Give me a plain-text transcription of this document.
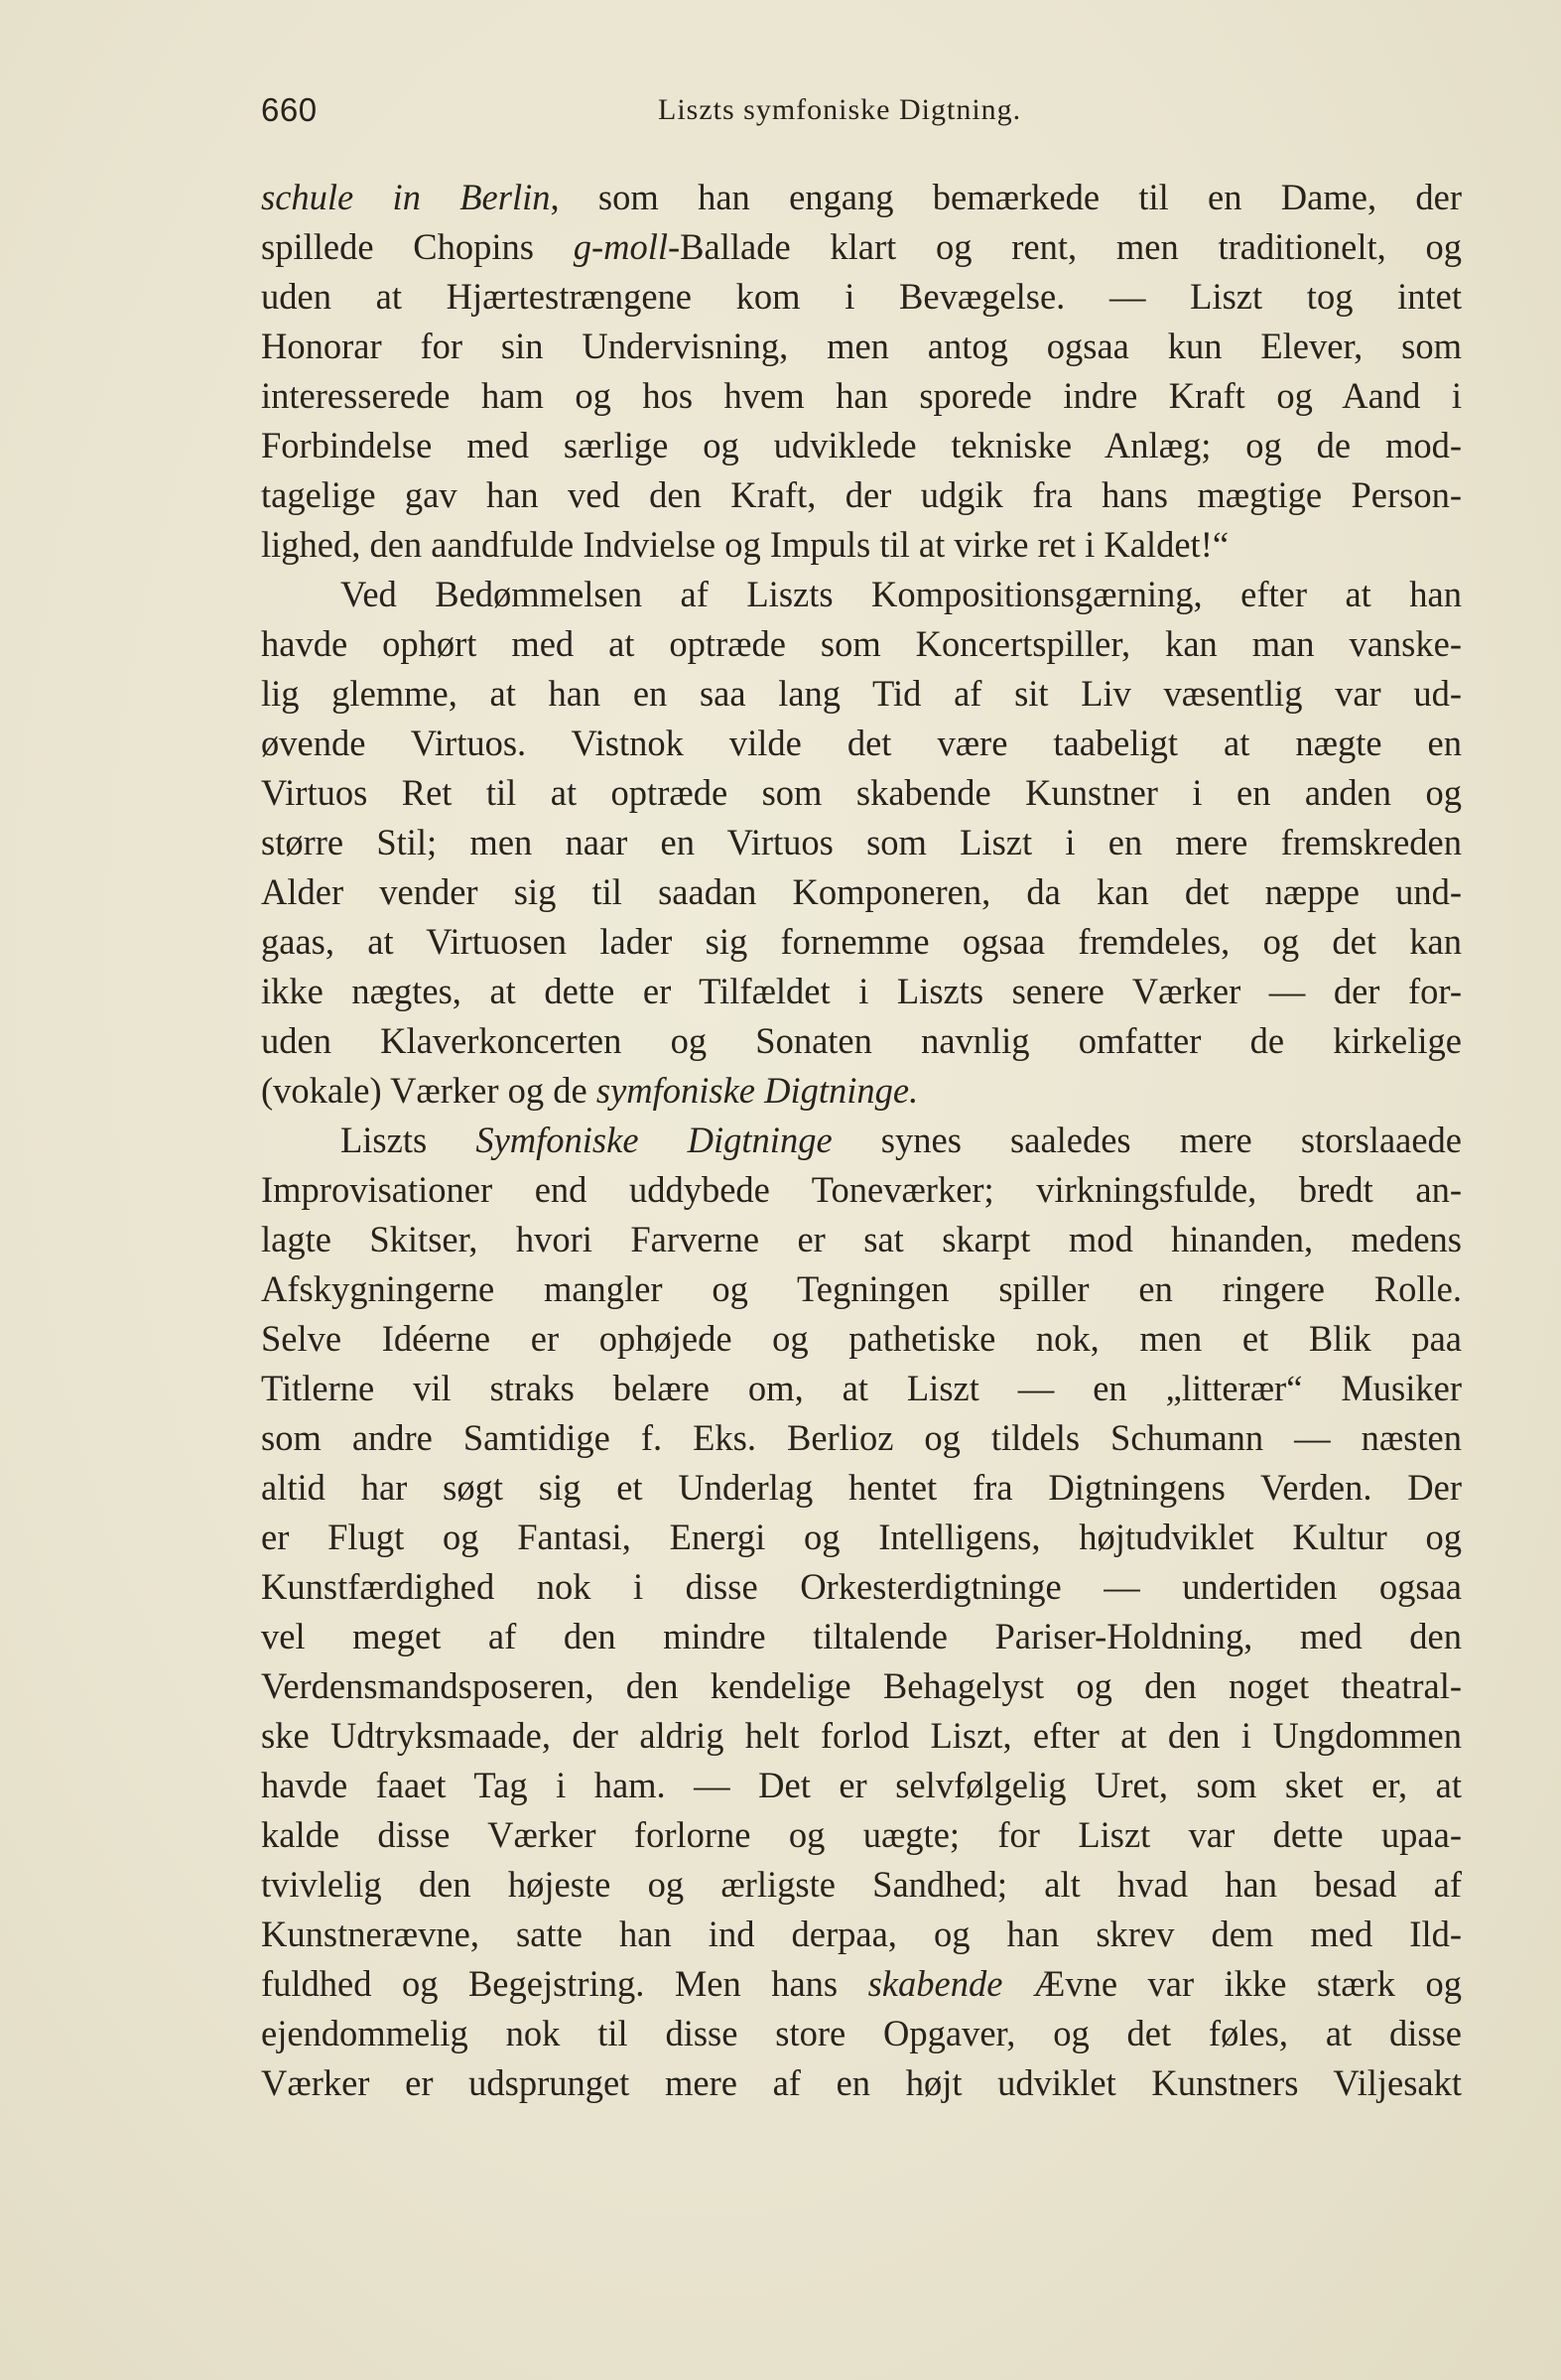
660	Liszts symfoniske Digtning.
schule in Berlin, som han engang bemærkede til en Dame, der
spillede Chopins g-moll-Ballade klart og rent, men traditionelt, og
uden at Hjærtestrængene kom i Bevægelse. — Liszt tog intet
Honorar for sin Undervisning, men antog ogsaa kun Elever, som
interesserede ham og hos hvem han sporede indre Kraft og Aand i
Forbindelse med særlige og udviklede tekniske Anlæg; og de mod-
tagelige gav han ved den Kraft, der udgik fra hans mægtige Person-
lighed, den aandfulde Indvielse og Impuls til at virke ret i Kaldet!“
Ved Bedømmelsen af Liszts Kompositionsgærning, efter at han
havde ophørt med at optræde som Koncertspiller, kan man vanske-
lig glemme, at han en saa lang Tid af sit Liv væsentlig var ud-
øvende Virtuos. Vistnok vilde det være taabeligt at nægte en
Virtuos Ret til at optræde som skabende Kunstner i en anden og
større Stil; men naar en Virtuos som Liszt i en mere fremskreden
Alder vender sig til saadan Komponeren, da kan det næppe und-
gaas, at Virtuosen lader sig fornemme ogsaa fremdeles, og det kan
ikke nægtes, at dette er Tilfældet i Liszts senere Værker — der for-
uden Klaverkoncerten og Sonaten navnlig omfatter de kirkelige
(vokale) Værker og de symfoniske Digtninge.
Liszts Symfoniske Digtninge synes saaledes mere storslaaede
Improvisationer end uddybede Toneværker; virkningsfulde, bredt an-
lagte Skitser, hvori Farverne er sat skarpt mod hinanden, medens
Afskygningerne mangler og Tegningen spiller en ringere Rolle.
Selve Idéerne er ophøjede og pathetiske nok, men et Blik paa
Titlerne vil straks belære om, at Liszt — en „litterær“ Musiker
som andre Samtidige f. Eks. Berlioz og tildels Schumann — næsten
altid har søgt sig et Underlag hentet fra Digtningens Verden. Der
er Flugt og Fantasi, Energi og Intelligens, højtudviklet Kultur og
Kunstfærdighed nok i disse Orkesterdigtninge — undertiden ogsaa
vel meget af den mindre tiltalende Pariser-Holdning, med den
Verdensmandsposeren, den kendelige Behagelyst og den noget theatral-
ske Udtryksmaade, der aldrig helt forlod Liszt, efter at den i Ungdommen
havde faaet Tag i ham. — Det er selvfølgelig Uret, som sket er, at
kalde disse Værker forlorne og uægte; for Liszt var dette upaa-
tvivlelig den højeste og ærligste Sandhed; alt hvad han besad af
Kunstnerævne, satte han ind derpaa, og han skrev dem med Ild-
fuldhed og Begejstring. Men hans skabende Ævne var ikke stærk og
ejendommelig nok til disse store Opgaver, og det føles, at disse
Værker er udsprunget mere af en højt udviklet Kunstners Viljesakt
